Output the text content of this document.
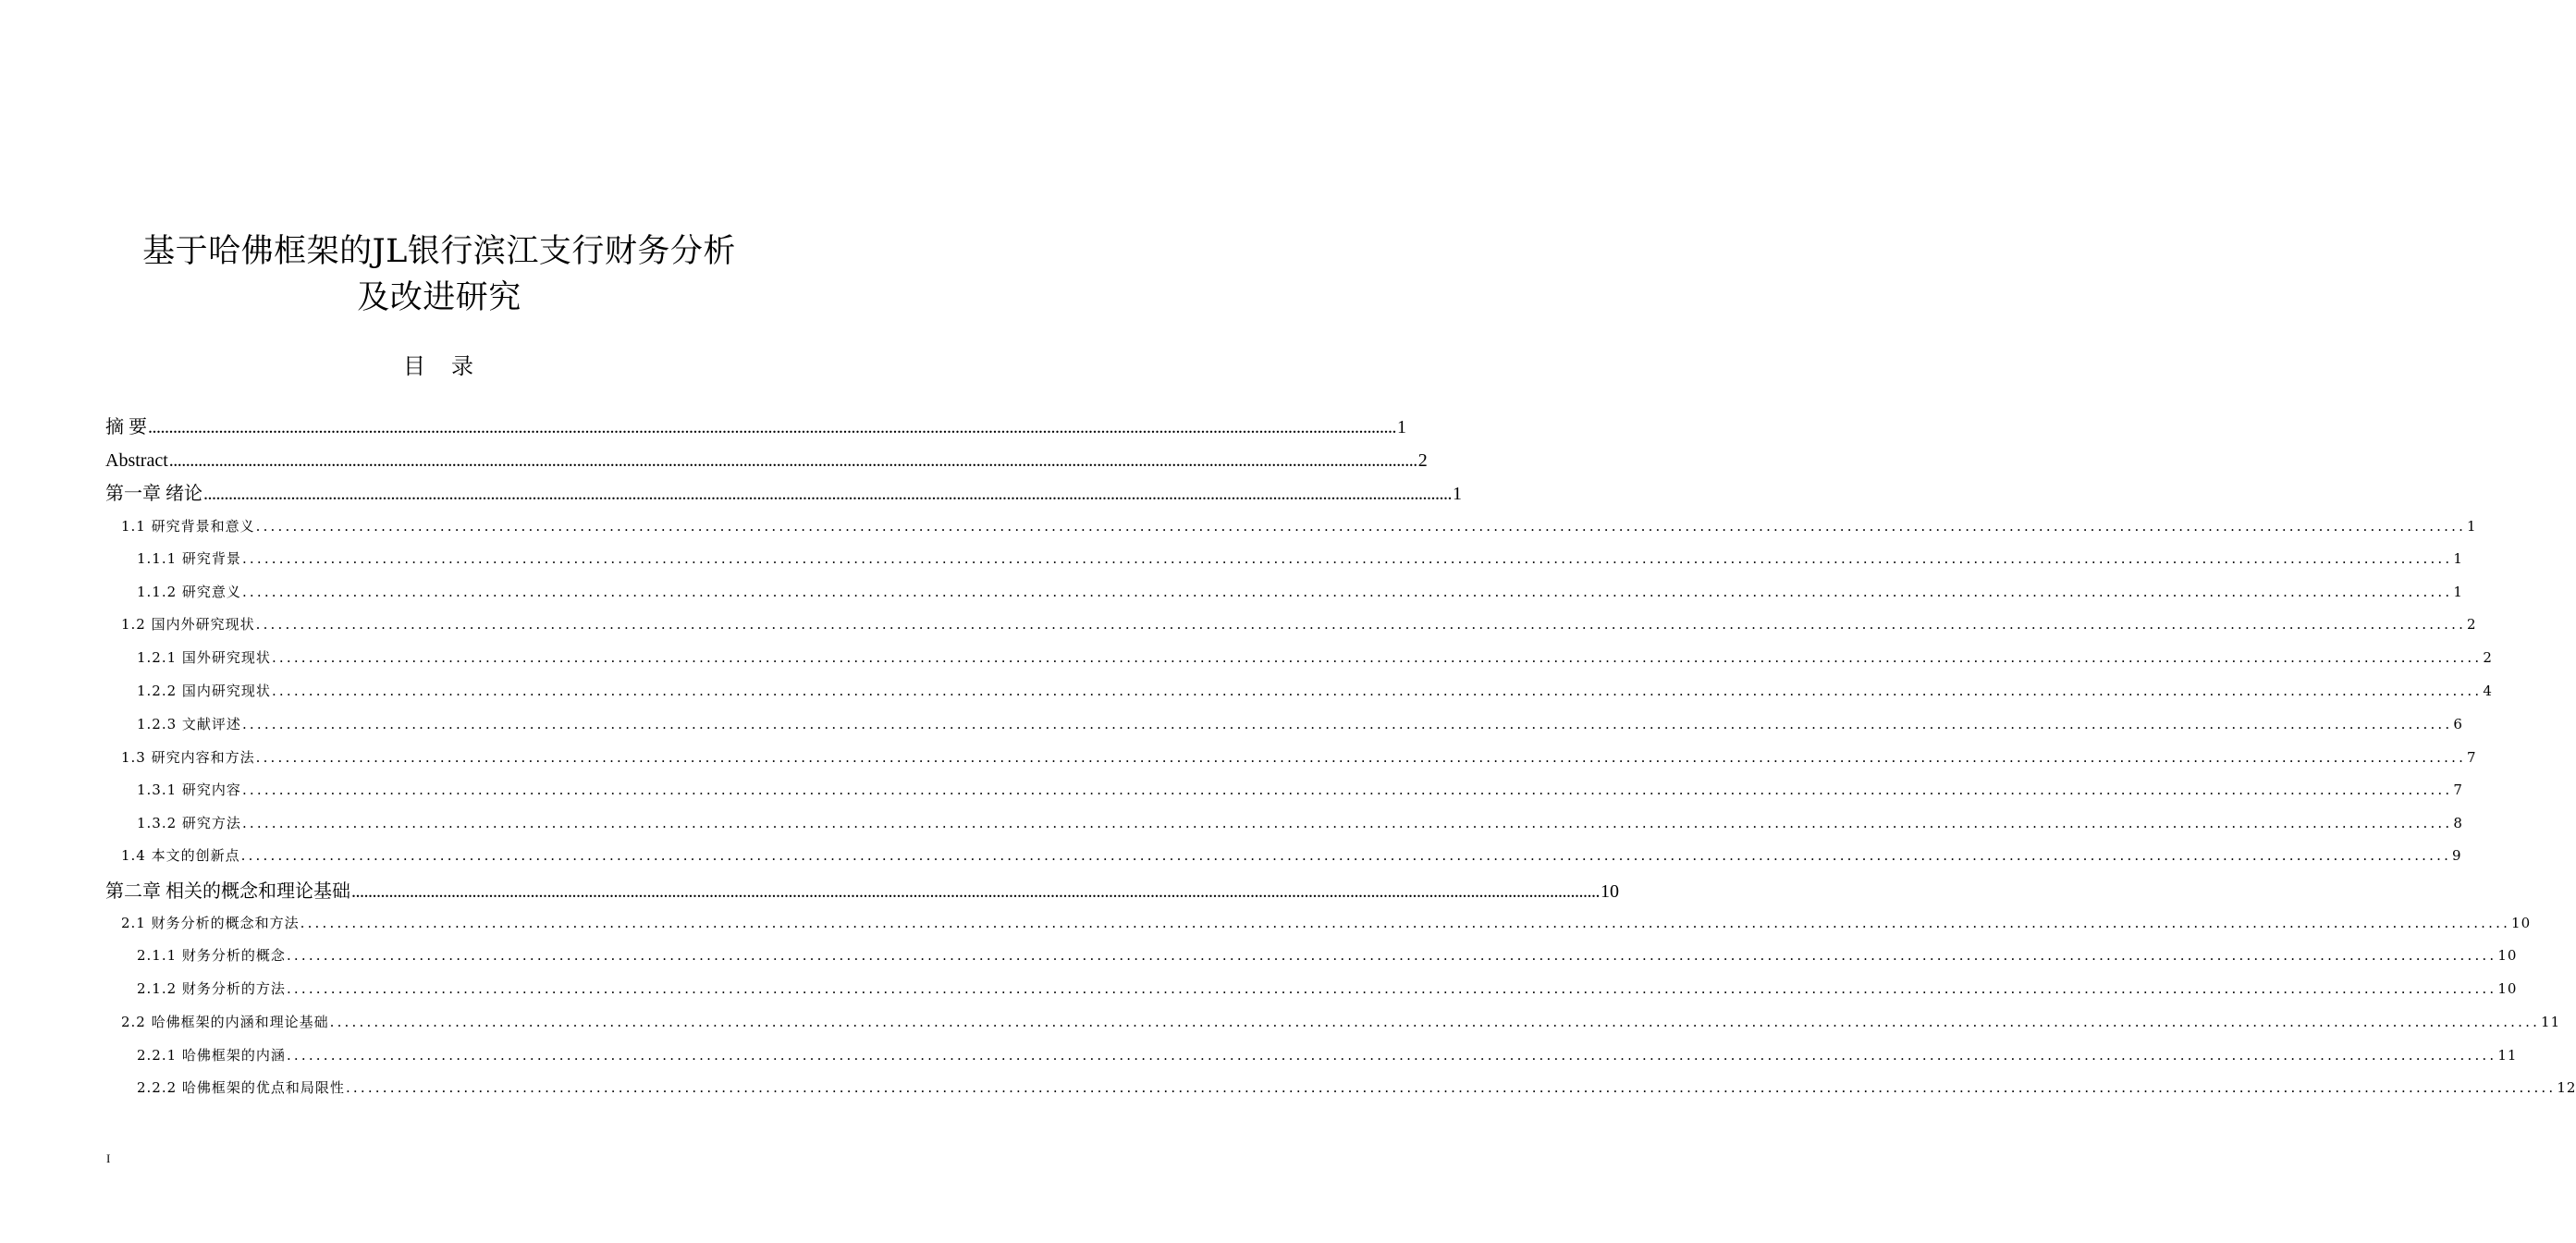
基于哈佛框架的JL银行滨江支行财务分析
及改进研究
目 录
摘 要 ............................................................................................................................................................................................................................................................................................................ 1
Abstract ............................................................................................................................................................................................................................................................................................................ 2
第一章 绪论 ............................................................................................................................................................................................................................................................................................................ 1
1.1 研究背景和意义 ............................................................................................................................................................................................................................................................................................................ 1
1.1.1 研究背景 ............................................................................................................................................................................................................................................................................................................ 1
1.1.2 研究意义 ............................................................................................................................................................................................................................................................................................................ 1
1.2 国内外研究现状 ............................................................................................................................................................................................................................................................................................................ 2
1.2.1 国外研究现状 ............................................................................................................................................................................................................................................................................................................ 2
1.2.2 国内研究现状 ............................................................................................................................................................................................................................................................................................................ 4
1.2.3 文献评述 ............................................................................................................................................................................................................................................................................................................ 6
1.3 研究内容和方法 ............................................................................................................................................................................................................................................................................................................ 7
1.3.1 研究内容 ............................................................................................................................................................................................................................................................................................................ 7
1.3.2 研究方法 ............................................................................................................................................................................................................................................................................................................ 8
1.4 本文的创新点 ............................................................................................................................................................................................................................................................................................................ 9
第二章 相关的概念和理论基础 ............................................................................................................................................................................................................................................................................................................ 10
2.1 财务分析的概念和方法 ............................................................................................................................................................................................................................................................................................................ 10
2.1.1 财务分析的概念 ............................................................................................................................................................................................................................................................................................................ 10
2.1.2 财务分析的方法 ............................................................................................................................................................................................................................................................................................................ 10
2.2 哈佛框架的内涵和理论基础 ............................................................................................................................................................................................................................................................................................................ 11
2.2.1 哈佛框架的内涵 ............................................................................................................................................................................................................................................................................................................ 11
2.2.2 哈佛框架的优点和局限性 ............................................................................................................................................................................................................................................................................................................ 12
I
